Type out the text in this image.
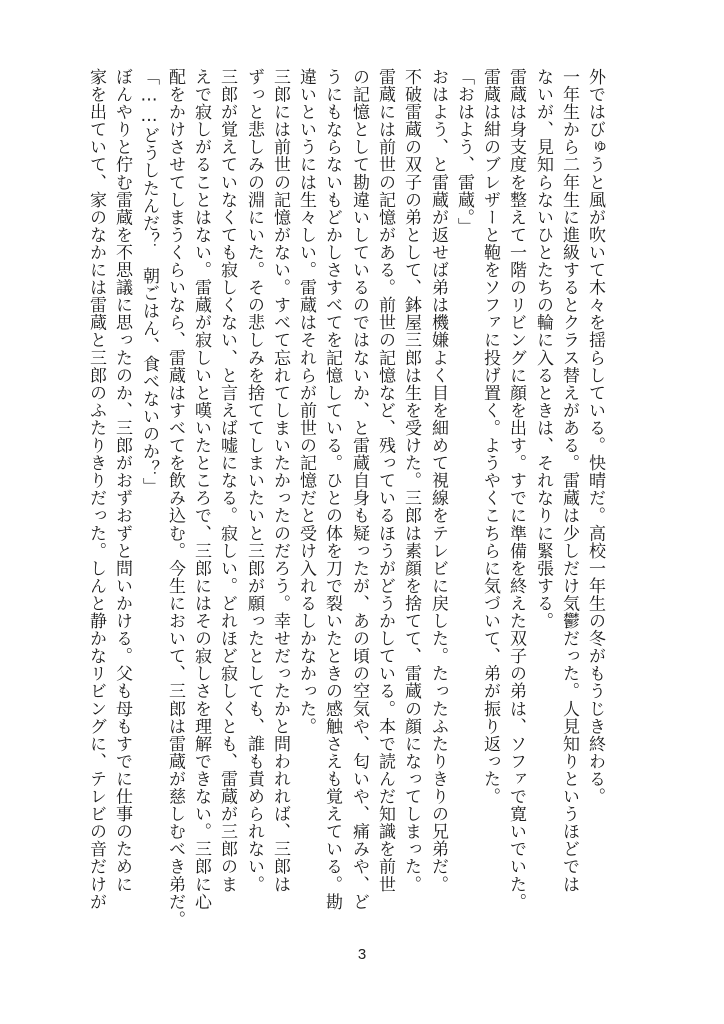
外ではびゅうと風が吹いて木々を揺らしている。快晴だ。高校一年生の冬がもうじき終わる。
一年生から二年生に進級するとクラス替えがある。雷蔵は少しだけ気鬱だった。人見知りというほどでは
ないが、見知らないひとたちの輪に入るときは、それなりに緊張する。
雷蔵は身支度を整えて一階のリビングに顔を出す。すでに準備を終えた双子の弟は、ソファで寛いでいた。
雷蔵は紺のブレザーと鞄をソファに投げ置く。ようやくこちらに気づいて、弟が振り返った。
「おはよう、雷蔵。」
おはよう、と雷蔵が返せば弟は機嫌よく目を細めて視線をテレビに戻した。たったふたりきりの兄弟だ。
不破雷蔵の双子の弟として、鉢屋三郎は生を受けた。三郎は素顔を捨てて、雷蔵の顔になってしまった。
雷蔵には前世の記憶がある。前世の記憶など、残っているほうがどうかしている。本で読んだ知識を前世
の記憶として勘違いしているのではないか、と雷蔵自身も疑ったが、あの頃の空気や、匂いや、痛みや、ど
うにもならないもどかしさすべてを記憶している。ひとの体を刀で裂いたときの感触さえも覚えている。勘
違いというには生々しい。雷蔵はそれらが前世の記憶だと受け入れるしかなかった。
三郎には前世の記憶がない。すべて忘れてしまいたかったのだろう。幸せだったかと問われれば、三郎は
ずっと悲しみの淵にいた。その悲しみを捨ててしまいたいと三郎が願ったとしても、誰も責められない。
三郎が覚えていなくても寂しくない、と言えば嘘になる。寂しい。どれほど寂しくとも、雷蔵が三郎のま
えで寂しがることはない。雷蔵が寂しいと嘆いたところで、三郎にはその寂しさを理解できない。三郎に心
配をかけさせてしまうくらいなら、雷蔵はすべてを飲み込む。今生において、三郎は雷蔵が慈しむべき弟だ。
「……どうしたんだ？　朝ごはん、食べないのか？」
ぼんやりと佇む雷蔵を不思議に思ったのか、三郎がおずおずと問いかける。父も母もすでに仕事のために
家を出ていて、家のなかには雷蔵と三郎のふたりきりだった。しんと静かなリビングに、テレビの音だけが
3
